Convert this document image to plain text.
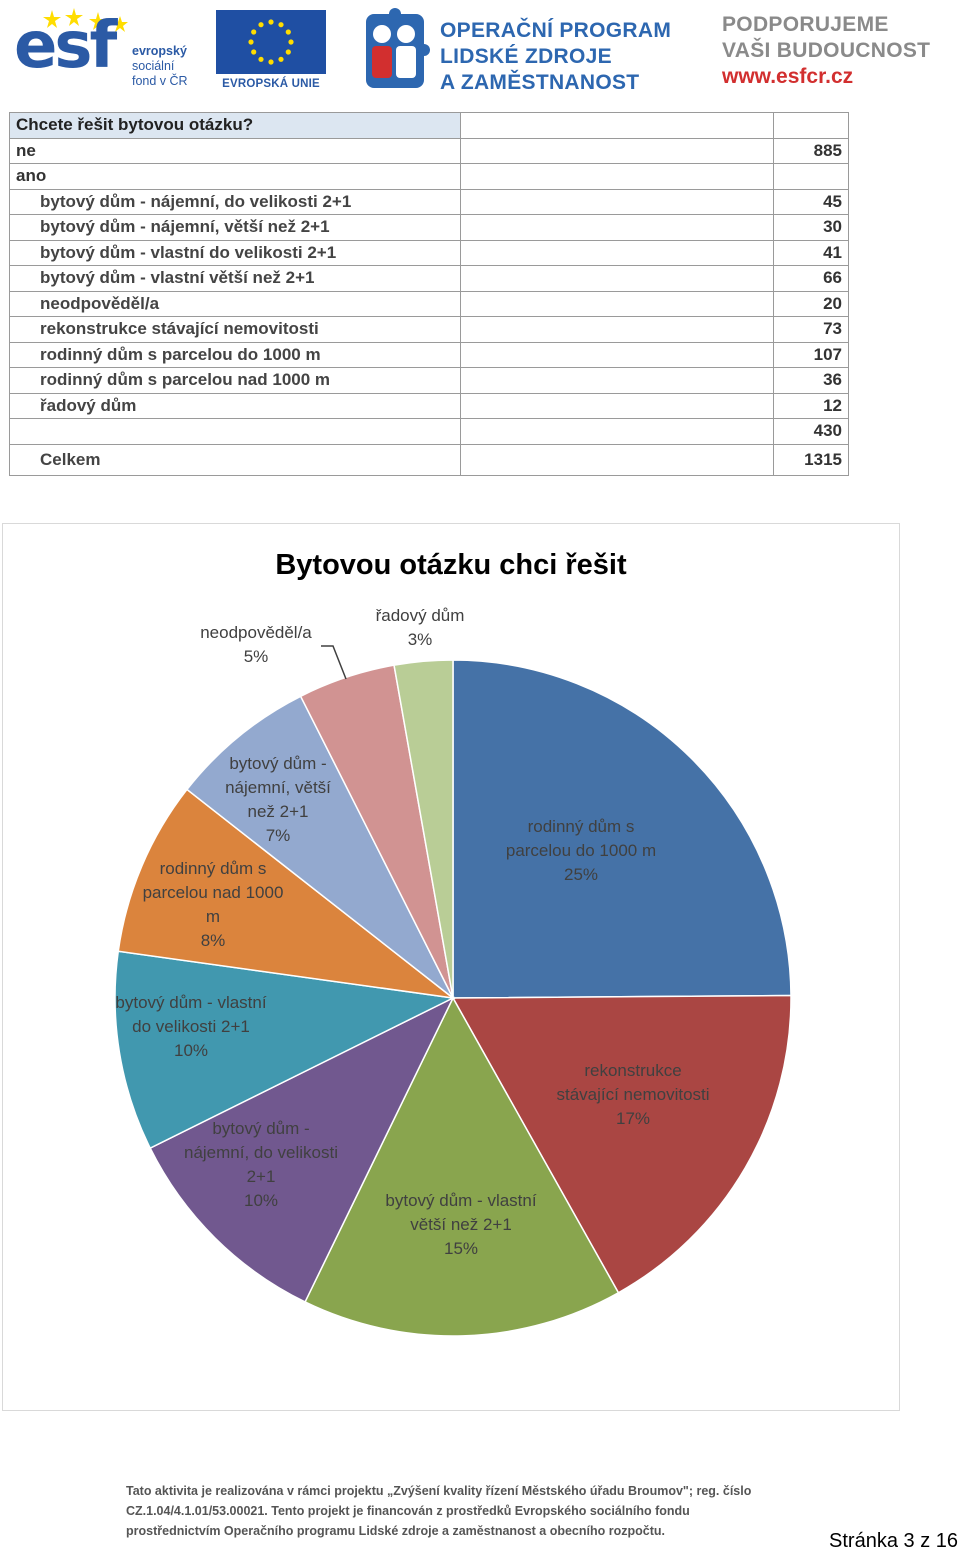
esf evropský
sociální
fond v ČR	EVROPSKÁ UNIE
OPERAČNÍ PROGRAM
LIDSKÉ ZDROJE
A ZAMĚSTNANOST
PODPORUJEME
VAŠI BUDOUCNOST
www.esfcr.cz
Chcete řešit bytovou otázku?		
ne		885
ano		
bytový dům - nájemní, do velikosti 2+1		45
bytový dům - nájemní, větší než 2+1		30
bytový dům - vlastní do velikosti 2+1		41
bytový dům - vlastní větší než 2+1		66
neodpověděl/a		20
rekonstrukce stávající nemovitosti		73
rodinný dům s parcelou do 1000 m		107
rodinný dům s parcelou nad 1000 m		36
řadový dům		12
		430
Celkem		1315
Bytovou otázku chci řešit
rodinný dům s parcelou do 1000 m 25%
rekonstrukce stávající nemovitosti 17%
bytový dům - vlastní větší než 2+1 15%
bytový dům -nájemní, do velikosti 2+1 10%
bytový dům - vlastní do velikosti 2+1 10%
rodinný dům s parcelou nad 1000 m 8%
bytový dům -nájemní, větší než 2+1 7%
neodpověděl/a 5%
řadový dům 3%
Tato aktivita je realizována v rámci projektu „Zvýšení kvality řízení Městského úřadu Broumov"; reg. číslo
CZ.1.04/4.1.01/53.00021. Tento projekt je financován z prostředků Evropského sociálního fondu
prostřednictvím Operačního programu Lidské zdroje a zaměstnanost a obecního rozpočtu.	Stránka 3 z 16
